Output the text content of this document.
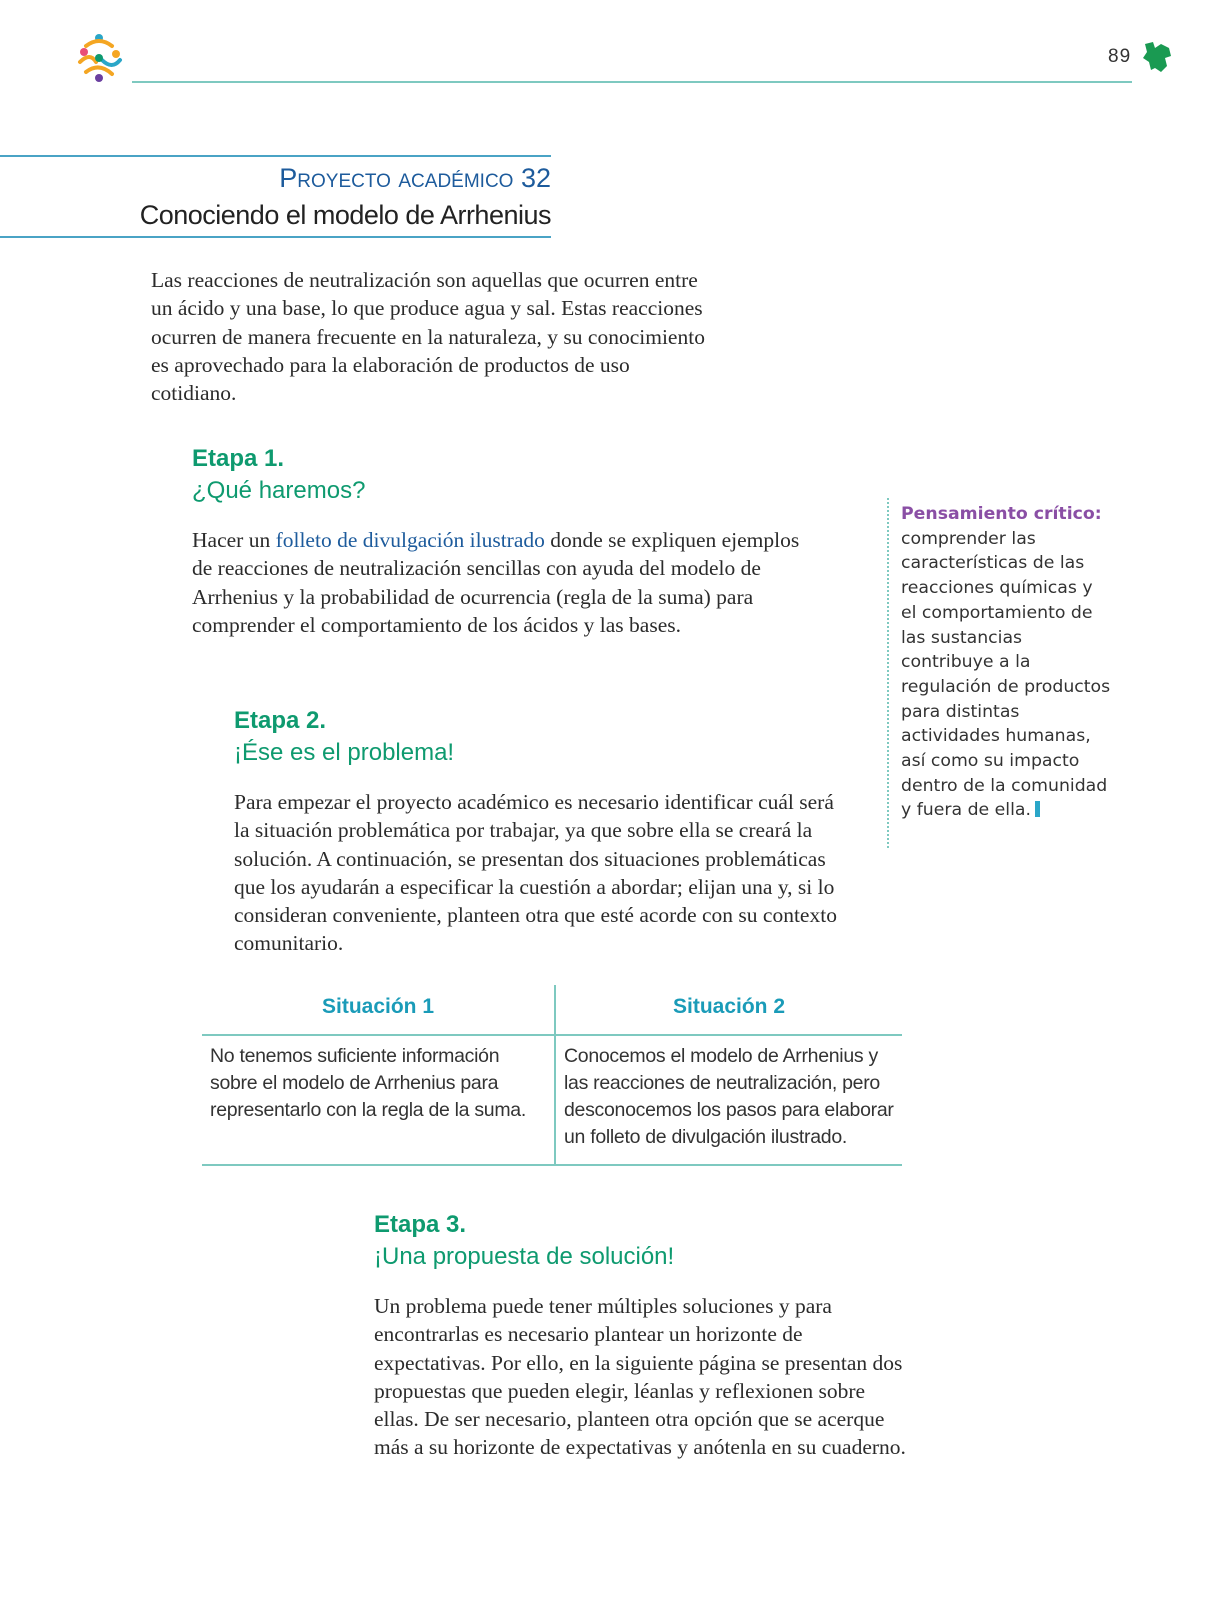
89
Proyecto académico 32
Conociendo el modelo de Arrhenius
Las reacciones de neutralización son aquellas que ocurren entre un ácido y una base, lo que produce agua y sal. Estas reacciones ocurren de manera frecuente en la naturaleza, y su conocimiento es aprovechado para la elaboración de productos de uso cotidiano.
Etapa 1.
¿Qué haremos?
Hacer un folleto de divulgación ilustrado donde se expliquen ejemplos de reacciones de neutralización sencillas con ayuda del modelo de Arrhenius y la probabilidad de ocurrencia (regla de la suma) para comprender el comportamiento de los ácidos y las bases.
Pensamiento crítico: comprender las características de las reacciones químicas y el comportamiento de las sustancias contribuye a la regulación de productos para distintas actividades humanas, así como su impacto dentro de la comunidad y fuera de ella.
Etapa 2.
¡Ése es el problema!
Para empezar el proyecto académico es necesario identificar cuál será la situación problemática por trabajar, ya que sobre ella se creará la solución. A continuación, se presentan dos situaciones problemáticas que los ayudarán a especificar la cuestión a abordar; elijan una y, si lo consideran conveniente, planteen otra que esté acorde con su contexto comunitario.
Situación 1	Situación 2
No tenemos suficiente información sobre el modelo de Arrhenius para representarlo con la regla de la suma.
Conocemos el modelo de Arrhenius y las reacciones de neutralización, pero desconocemos los pasos para elaborar un folleto de divulgación ilustrado.
Etapa 3.
¡Una propuesta de solución!
Un problema puede tener múltiples soluciones y para encontrarlas es necesario plantear un horizonte de expectativas. Por ello, en la siguiente página se presentan dos propuestas que pueden elegir, léanlas y reflexionen sobre ellas. De ser necesario, planteen otra opción que se acerque más a su horizonte de expectativas y anótenla en su cuaderno.
